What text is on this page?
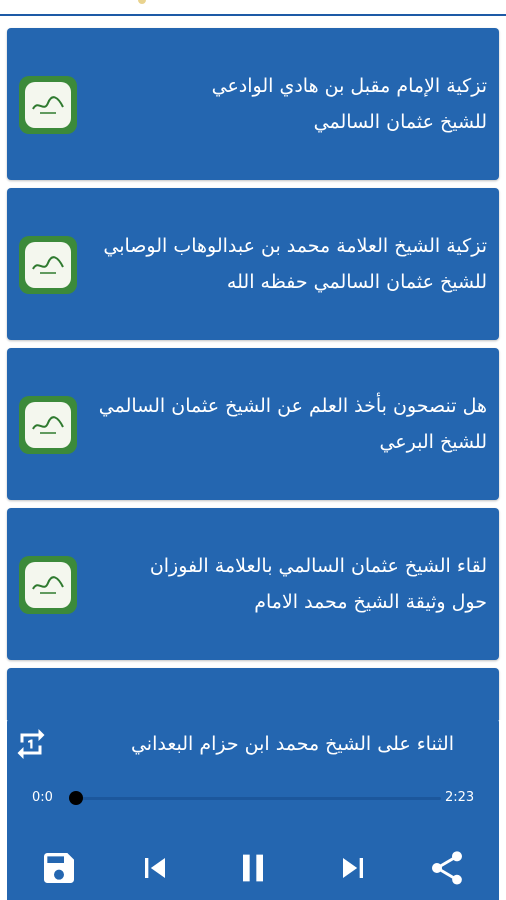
تزكية الإمام مقبل بن هادي الوادعي
للشيخ عثمان السالمي
تزكية الشيخ العلامة محمد بن عبدالوهاب الوصابي
للشيخ عثمان السالمي حفظه الله
هل تنصحون بأخذ العلم عن الشيخ عثمان السالمي
للشيخ البرعي
لقاء الشيخ عثمان السالمي بالعلامة الفوزان
حول وثيقة الشيخ محمد الامام
الثناء على الشيخ محمد ابن حزام البعداني
0:0	2:23
